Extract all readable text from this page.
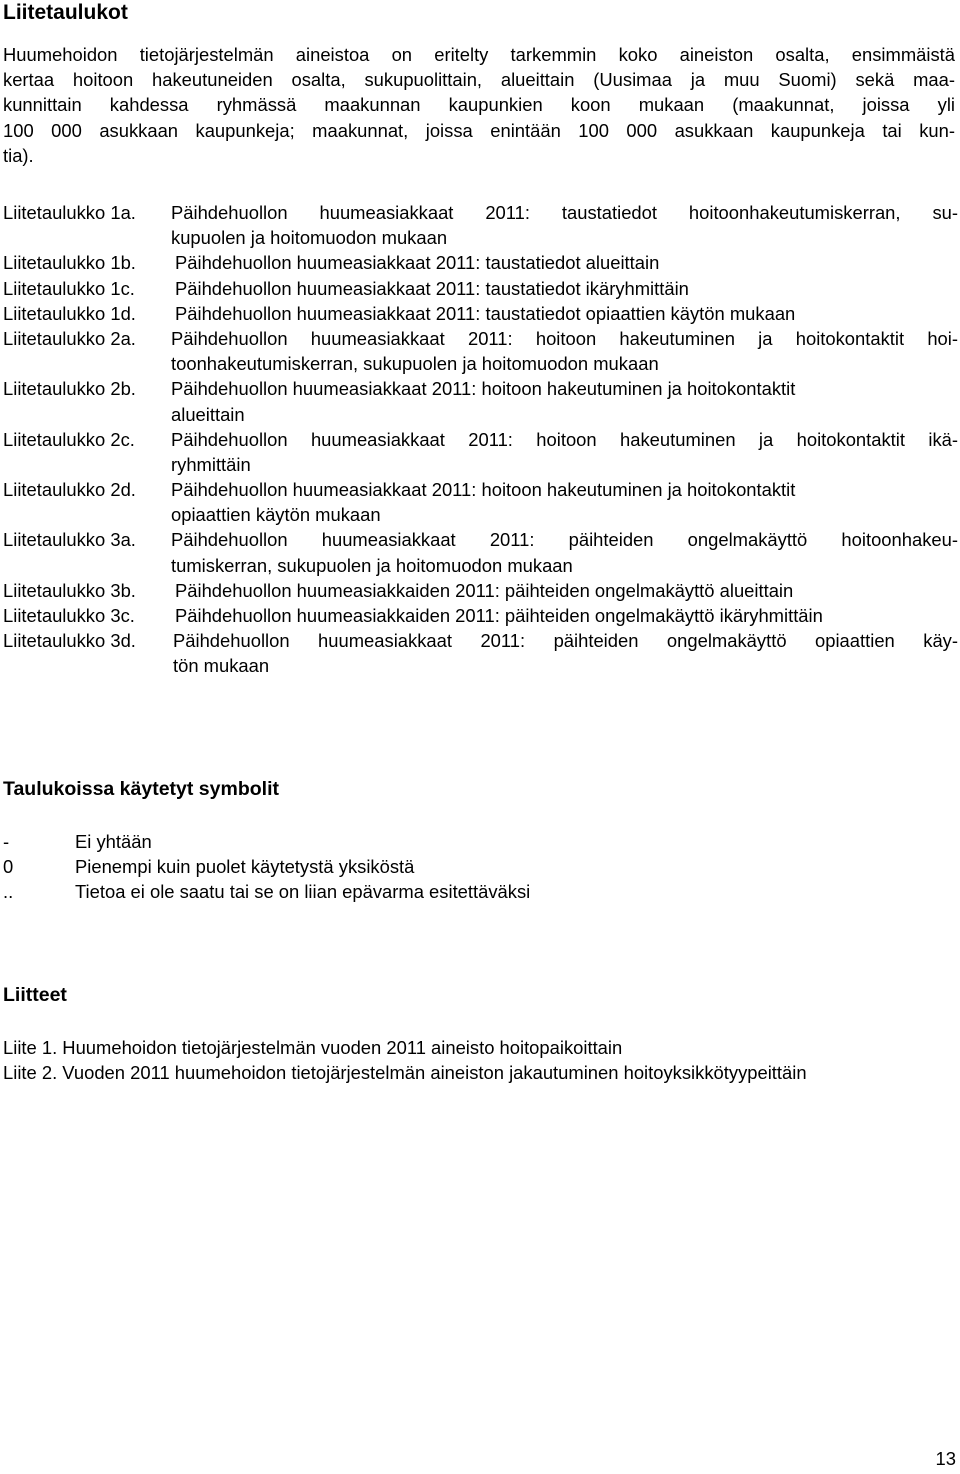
Liitetaulukot
Huumehoidon tietojärjestelmän aineistoa on eritelty tarkemmin koko aineiston osalta, ensimmäistä
kertaa hoitoon hakeutuneiden osalta, sukupuolittain, alueittain (Uusimaa ja muu Suomi) sekä maa-
kunnittain kahdessa ryhmässä maakunnan kaupunkien koon mukaan (maakunnat, joissa yli
100 000 asukkaan kaupunkeja; maakunnat, joissa enintään 100 000 asukkaan kaupunkeja tai kun-
tia).
Liitetaulukko 1a. Päihdehuollon huumeasiakkaat 2011: taustatiedot hoitoonhakeutumiskerran, su-
kupuolen ja hoitomuodon mukaan
Liitetaulukko 1b. Päihdehuollon huumeasiakkaat 2011: taustatiedot alueittain
Liitetaulukko 1c. Päihdehuollon huumeasiakkaat 2011: taustatiedot ikäryhmittäin
Liitetaulukko 1d. Päihdehuollon huumeasiakkaat 2011: taustatiedot opiaattien käytön mukaan
Liitetaulukko 2a. Päihdehuollon huumeasiakkaat 2011: hoitoon hakeutuminen ja hoitokontaktit hoi-
toonhakeutumiskerran, sukupuolen ja hoitomuodon mukaan
Liitetaulukko 2b. Päihdehuollon huumeasiakkaat 2011: hoitoon hakeutuminen ja hoitokontaktit
alueittain
Liitetaulukko 2c. Päihdehuollon huumeasiakkaat 2011: hoitoon hakeutuminen ja hoitokontaktit ikä-
ryhmittäin
Liitetaulukko 2d. Päihdehuollon huumeasiakkaat 2011: hoitoon hakeutuminen ja hoitokontaktit
opiaattien käytön mukaan
Liitetaulukko 3a. Päihdehuollon huumeasiakkaat 2011: päihteiden ongelmakäyttö hoitoonhakeu-
tumiskerran, sukupuolen ja hoitomuodon mukaan
Liitetaulukko 3b. Päihdehuollon huumeasiakkaiden 2011: päihteiden ongelmakäyttö alueittain
Liitetaulukko 3c. Päihdehuollon huumeasiakkaiden 2011: päihteiden ongelmakäyttö ikäryhmittäin
Liitetaulukko 3d. Päihdehuollon huumeasiakkaat 2011: päihteiden ongelmakäyttö opiaattien käy-
tön mukaan
Taulukoissa käytetyt symbolit
-	Ei yhtään
0	Pienempi kuin puolet käytetystä yksiköstä
..	Tietoa ei ole saatu tai se on liian epävarma esitettäväksi
Liitteet
Liite 1. Huumehoidon tietojärjestelmän vuoden 2011 aineisto hoitopaikoittain
Liite 2. Vuoden 2011 huumehoidon tietojärjestelmän aineiston jakautuminen hoitoyksikkötyypeittäin
13
